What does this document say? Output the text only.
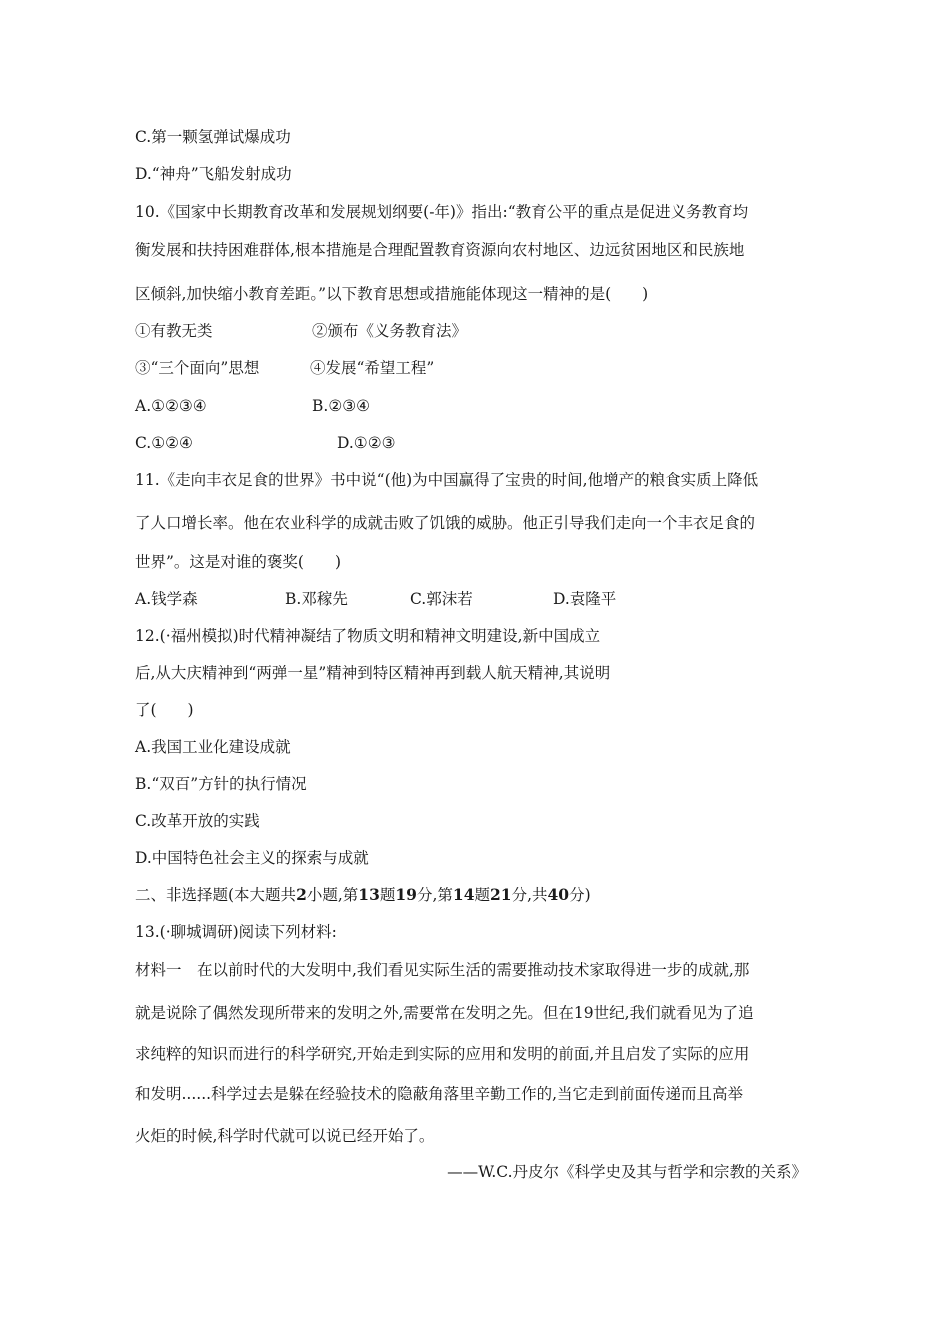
C.第一颗氢弹试爆成功
D.“神舟”飞船发射成功
10.《国家中长期教育改革和发展规划纲要(-年)》指出:“教育公平的重点是促进义务教育均
衡发展和扶持困难群体,根本措施是合理配置教育资源向农村地区、边远贫困地区和民族地
区倾斜,加快缩小教育差距。”以下教育思想或措施能体现这一精神的是(　　)
①有教无类	②颁布《义务教育法》
③“三个面向”思想	④发展“希望工程”
A.①②③④	B.②③④
C.①②④	D.①②③
11.《走向丰衣足食的世界》书中说“(他)为中国赢得了宝贵的时间,他增产的粮食实质上降低
了人口增长率。他在农业科学的成就击败了饥饿的威胁。他正引导我们走向一个丰衣足食的
世界”。这是对谁的褒奖(　　)
A.钱学森	B.邓稼先	C.郭沫若	D.袁隆平
12.(·福州模拟)时代精神凝结了物质文明和精神文明建设,新中国成立
后,从大庆精神到“两弹一星”精神到特区精神再到载人航天精神,其说明
了(　　)
A.我国工业化建设成就
B.“双百”方针的执行情况
C.改革开放的实践
D.中国特色社会主义的探索与成就
二、非选择题(本大题共2小题,第13题19分,第14题21分,共40分)
13.(·聊城调研)阅读下列材料:
材料一　在以前时代的大发明中,我们看见实际生活的需要推动技术家取得进一步的成就,那
就是说除了偶然发现所带来的发明之外,需要常在发明之先。但在19世纪,我们就看见为了追
求纯粹的知识而进行的科学研究,开始走到实际的应用和发明的前面,并且启发了实际的应用
和发明......科学过去是躲在经验技术的隐蔽角落里辛勤工作的,当它走到前面传递而且高举
火炬的时候,科学时代就可以说已经开始了。
——W.C.丹皮尔《科学史及其与哲学和宗教的关系》
